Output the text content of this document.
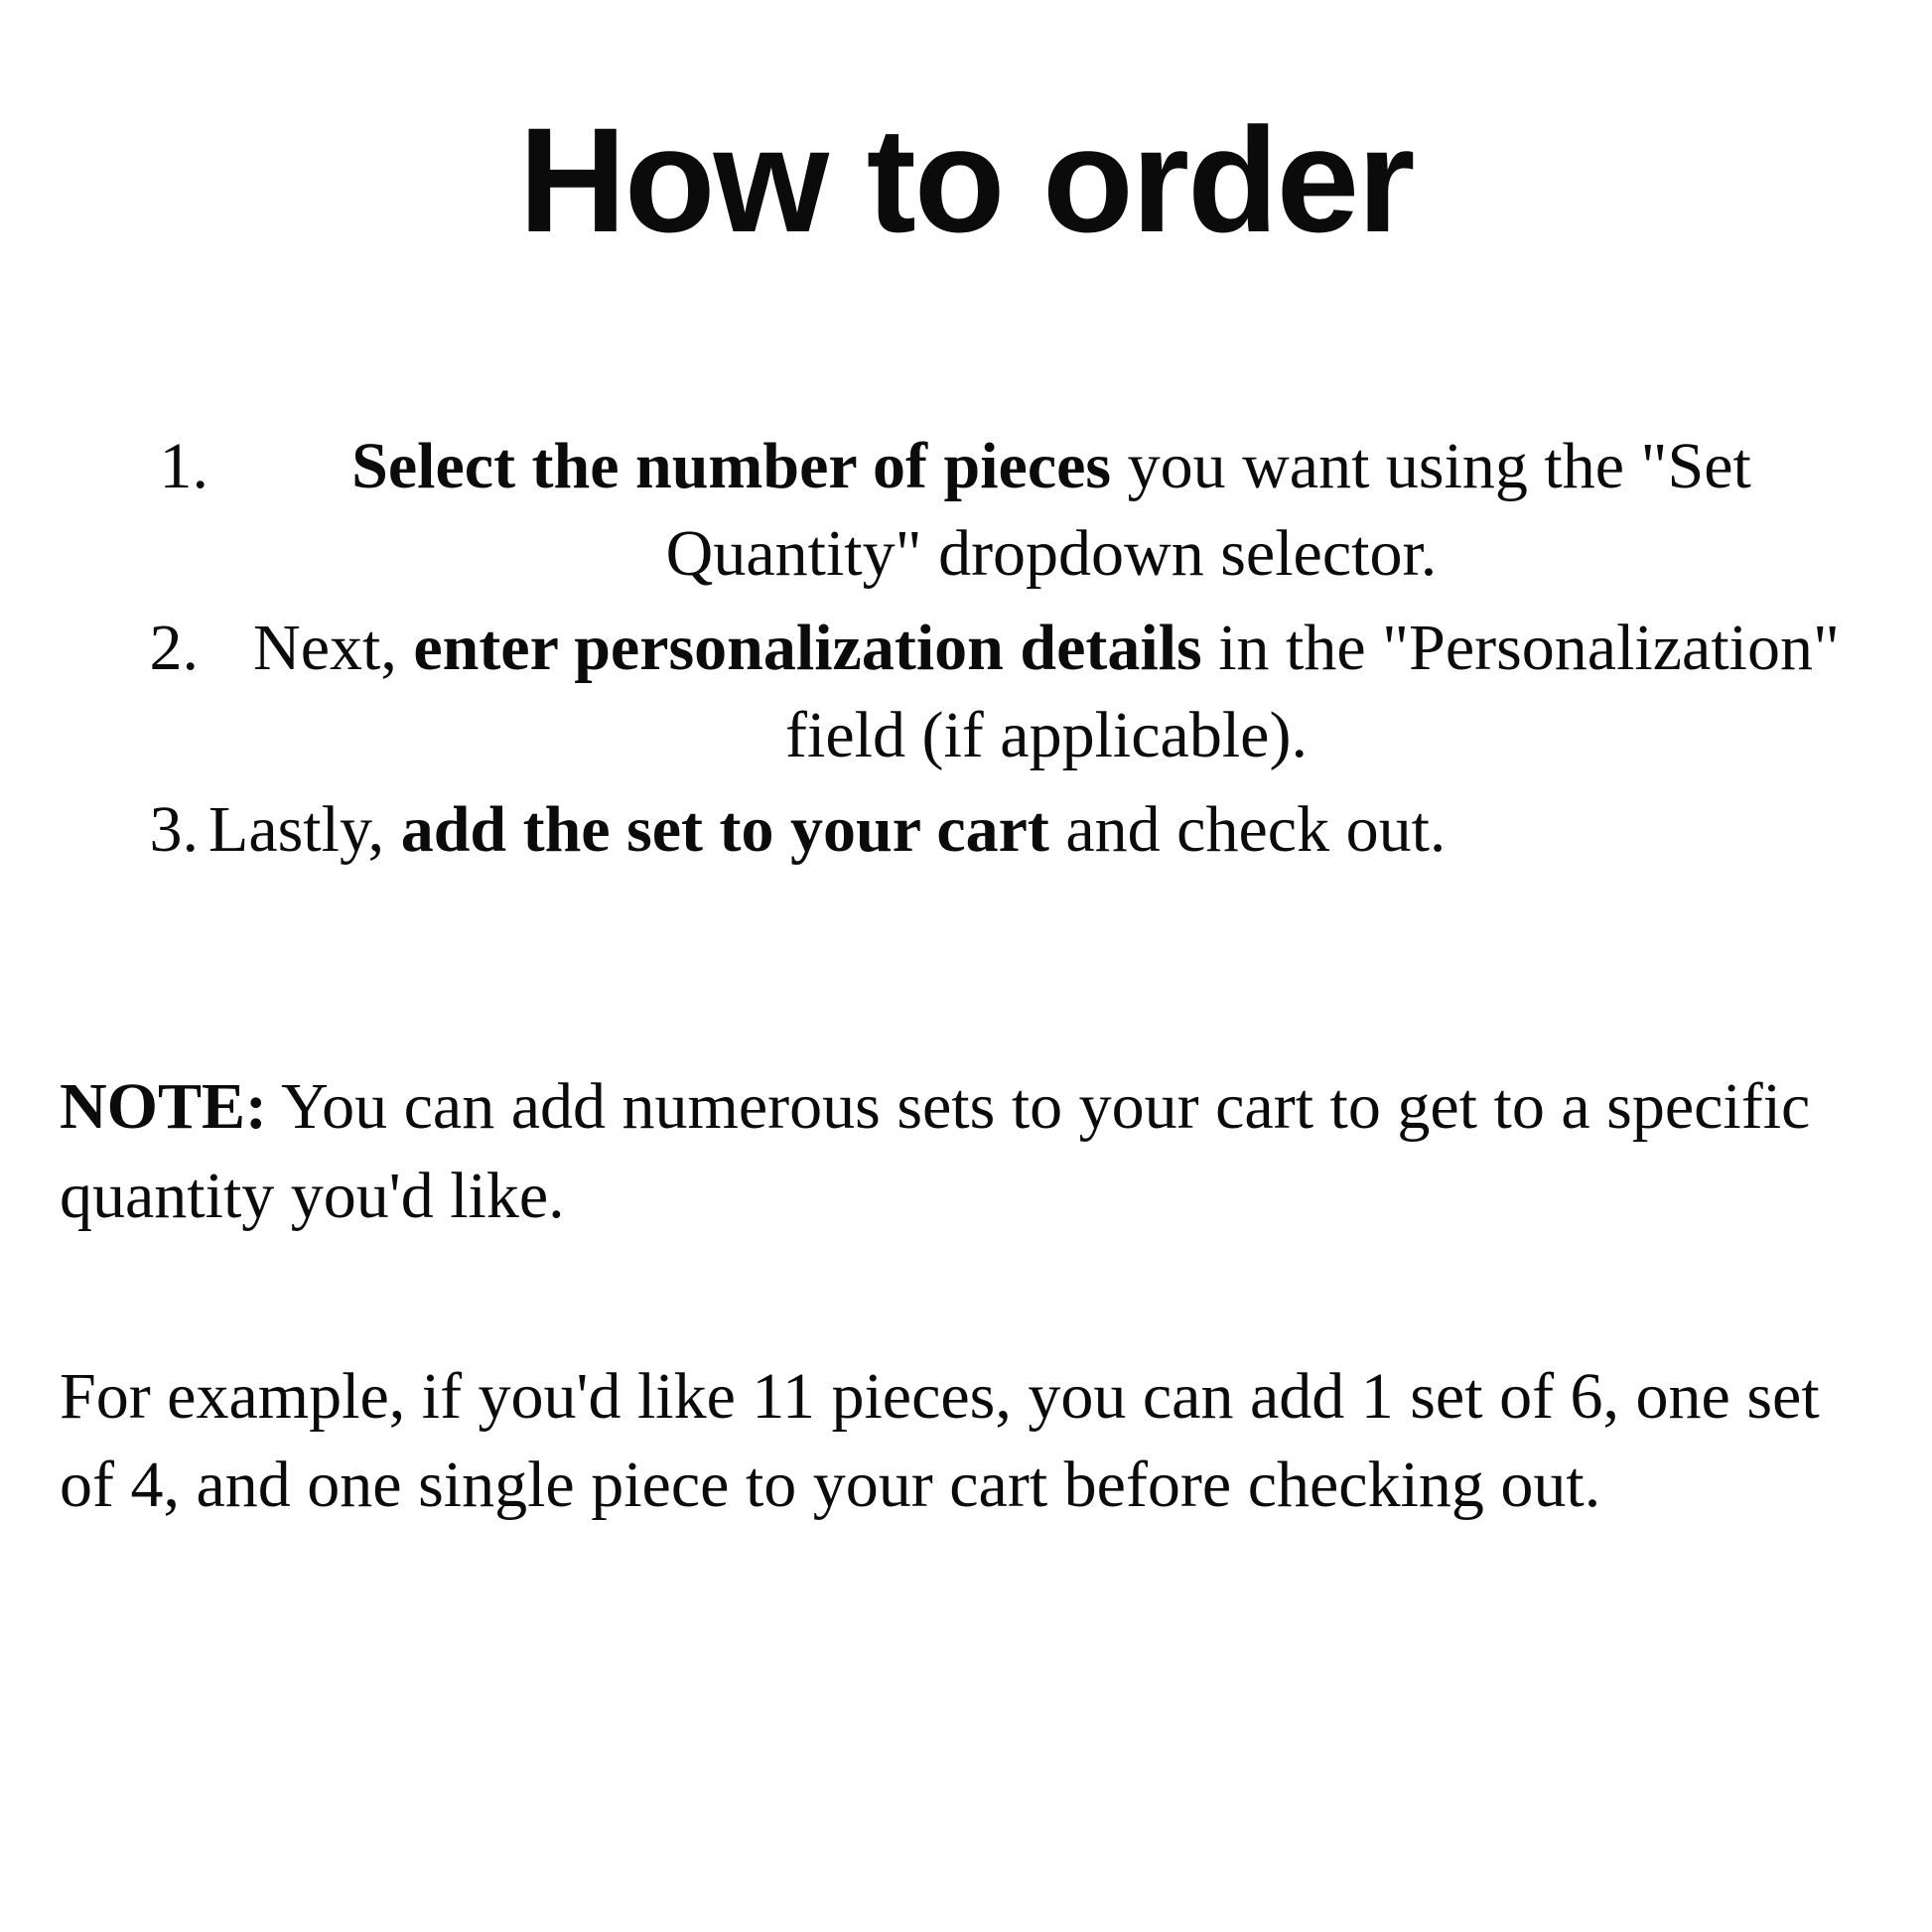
How to order
1.	Select the number of pieces you want using the "Set Quantity" dropdown selector.
2. Next, enter personalization details in the "Personalization" field (if applicable).
3. Lastly, add the set to your cart and check out.

NOTE: You can add numerous sets to your cart to get to a specific quantity you'd like.

For example, if you'd like 11 pieces, you can add 1 set of 6, one set of 4, and one single piece to your cart before checking out.
